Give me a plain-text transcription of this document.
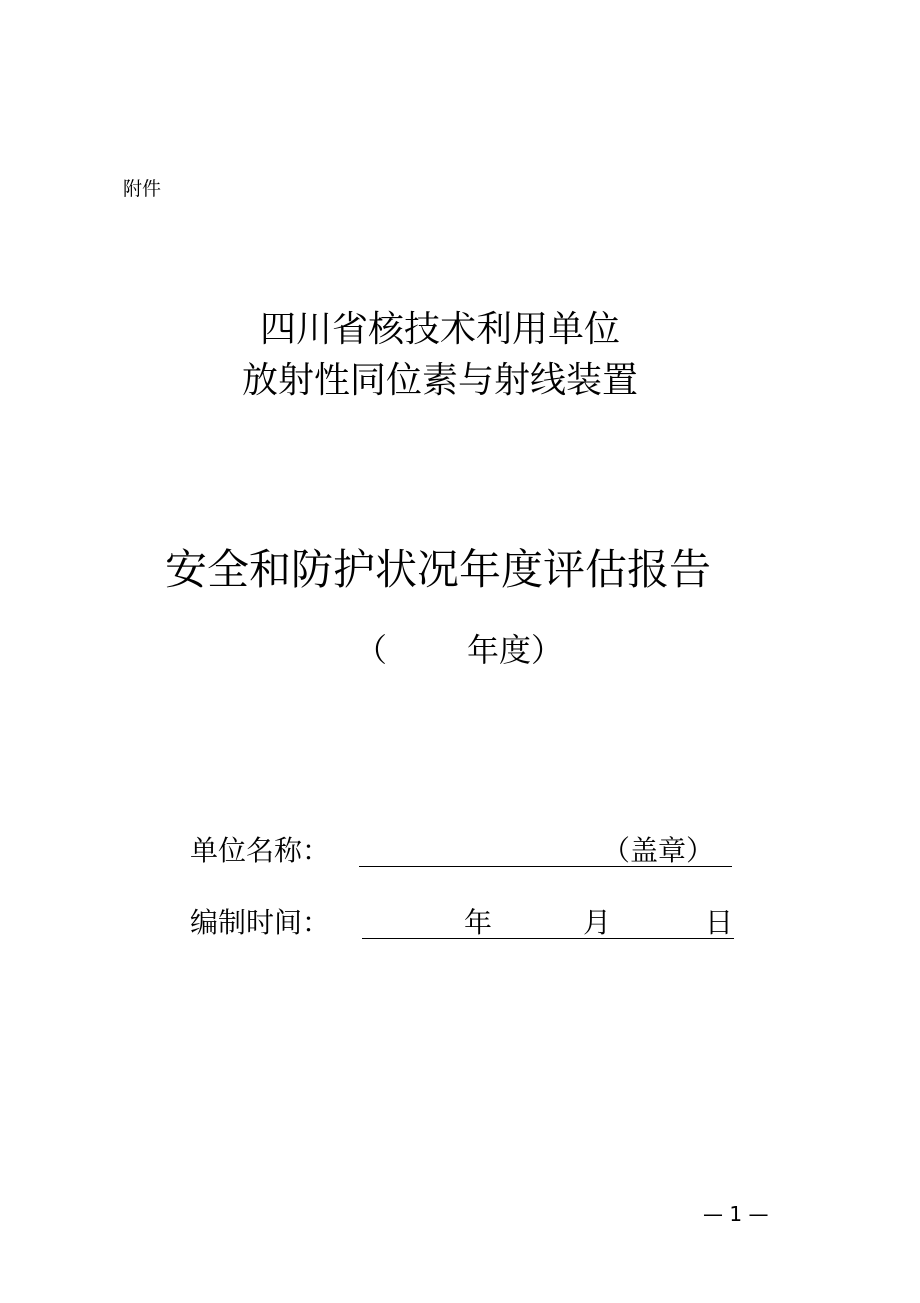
附件
四川省核技术利用单位
放射性同位素与射线装置
安全和防护状况年度评估报告
（	年度）
单位名称：	（盖章）
编制时间：	年	月	日
— 1 —
